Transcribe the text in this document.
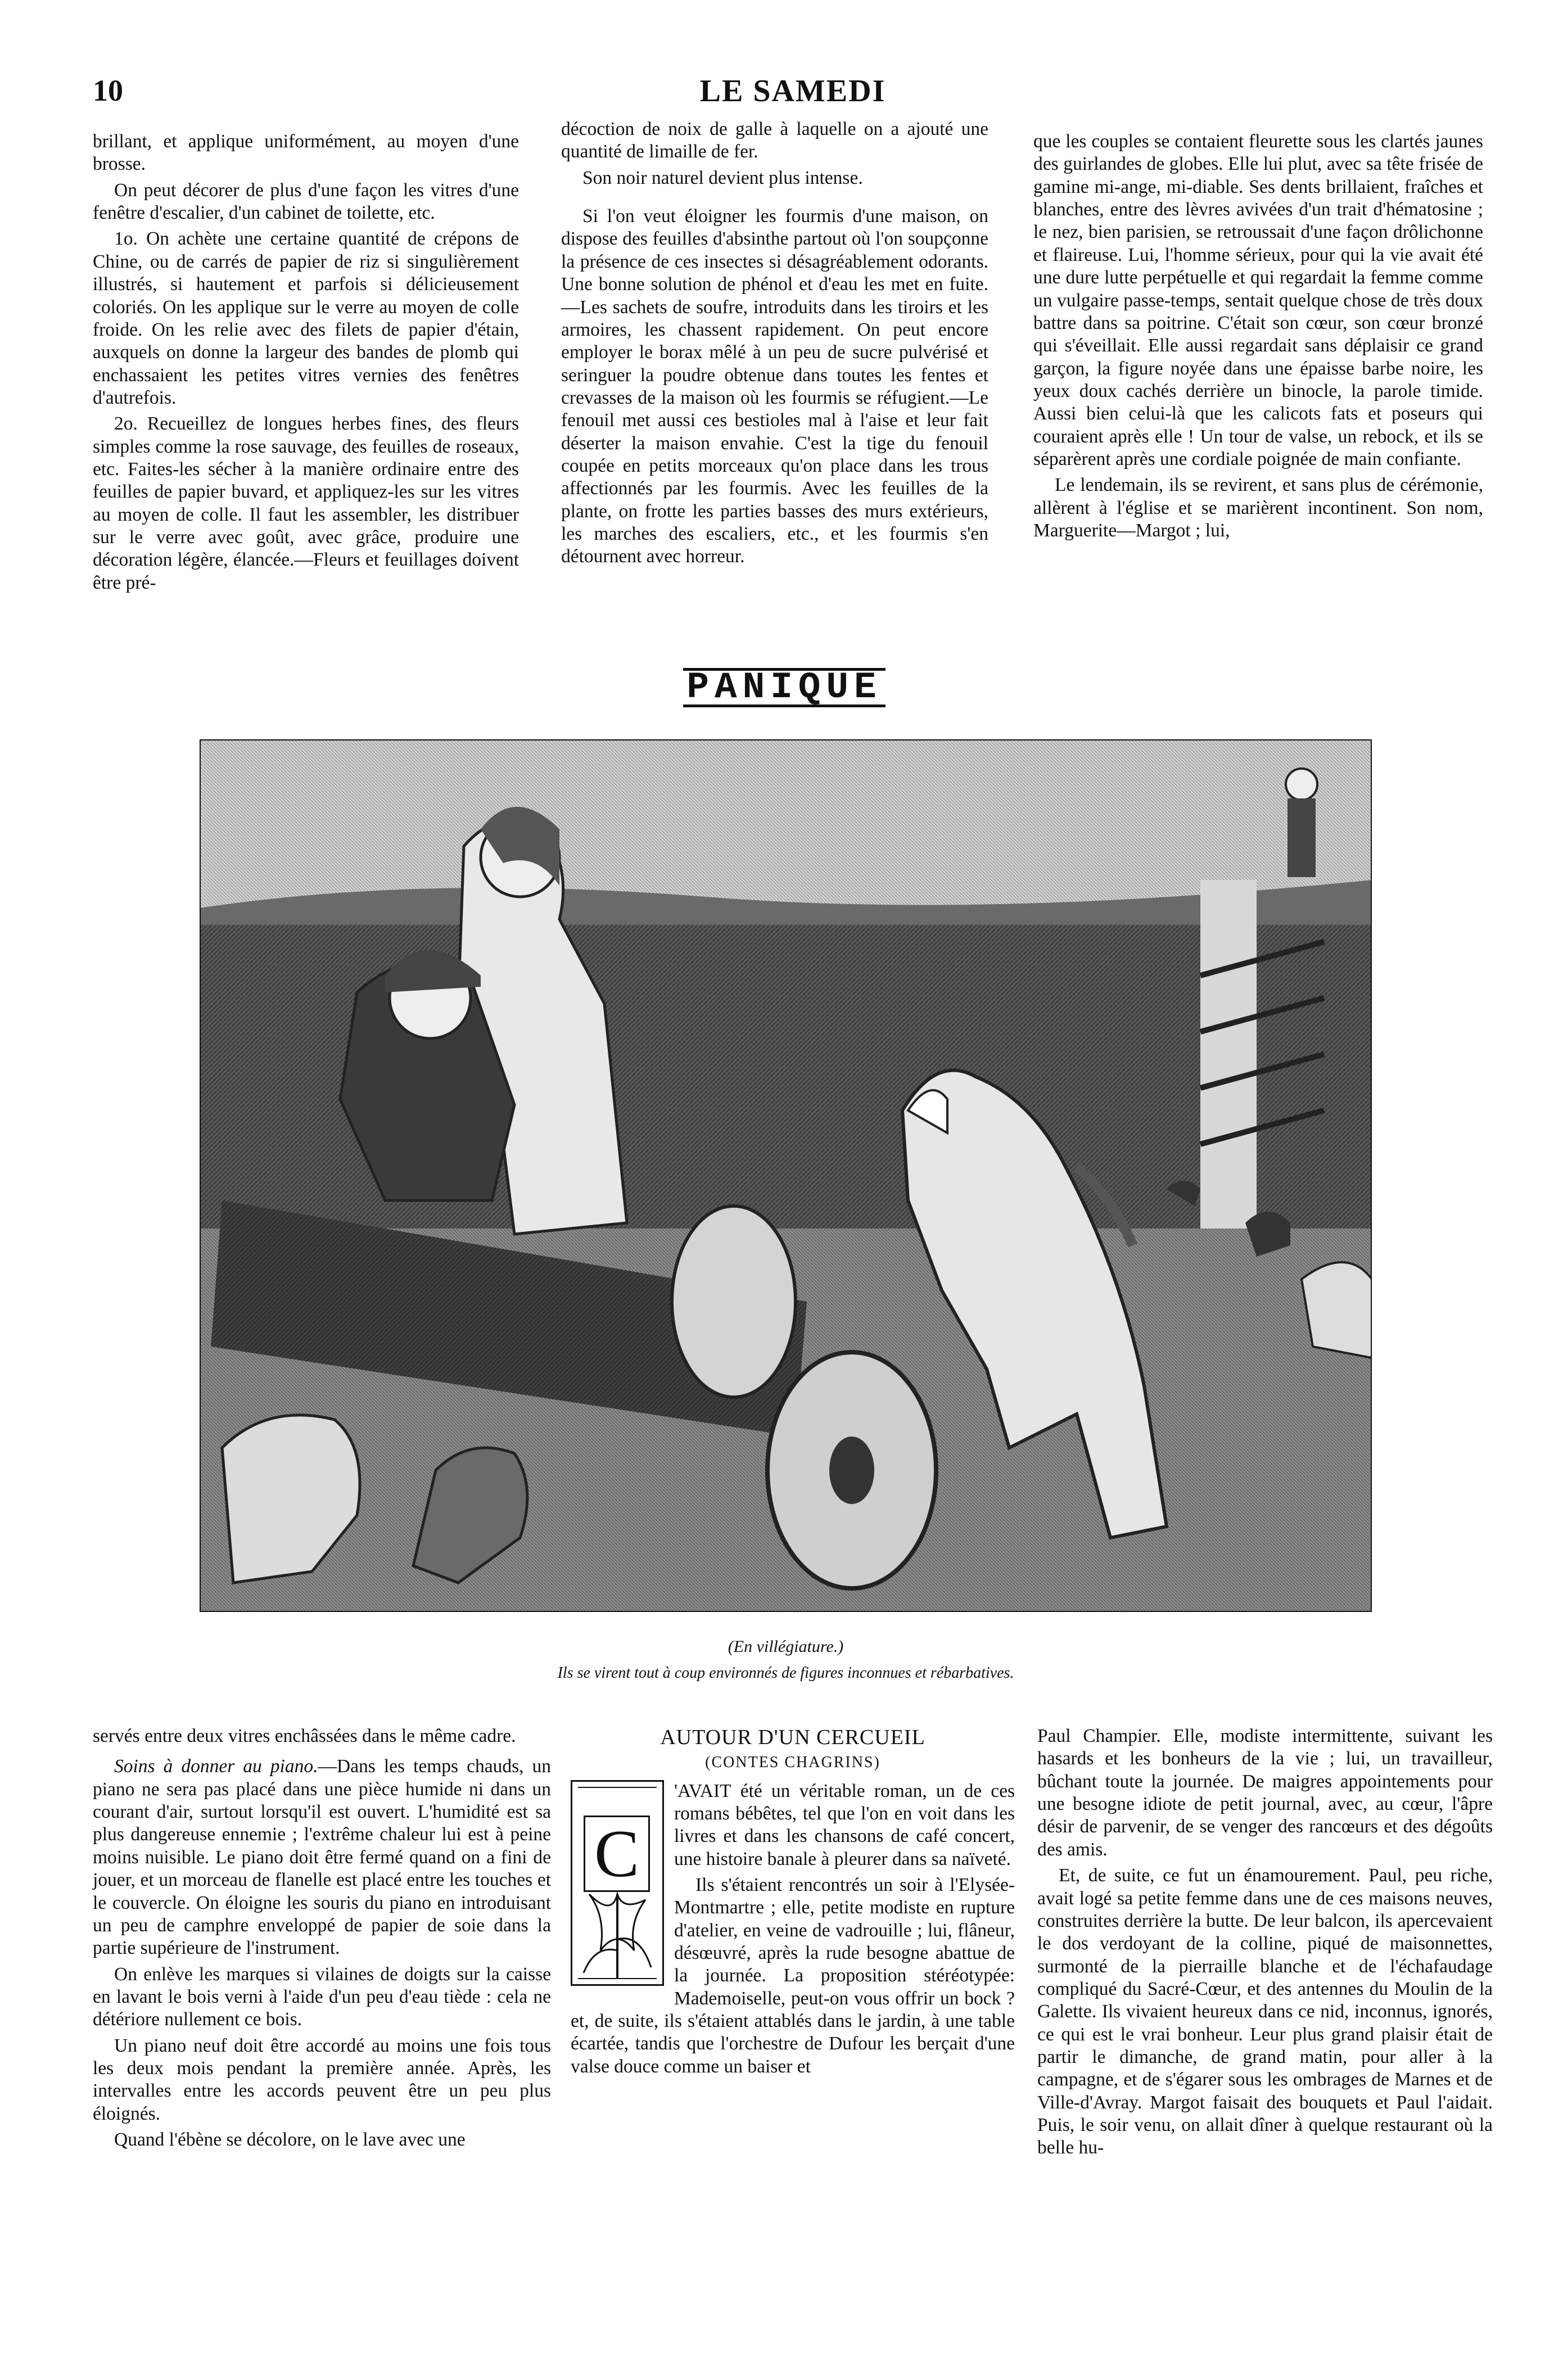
10	LE SAMEDI

brillant, et applique uniformément, au moyen d'une brosse.

On peut décorer de plus d'une façon les vitres d'une fenêtre d'escalier, d'un cabinet de toilette, etc.

1o. On achète une certaine quantité de crépons de Chine, ou de carrés de papier de riz si singulièrement illustrés, si hautement et parfois si délicieusement coloriés. On les applique sur le verre au moyen de colle froide. On les relie avec des filets de papier d'étain, auxquels on donne la largeur des bandes de plomb qui enchassaient les petites vitres vernies des fenêtres d'autrefois.

2o. Recueillez de longues herbes fines, des fleurs simples comme la rose sauvage, des feuilles de roseaux, etc. Faites-les sécher à la manière ordinaire entre des feuilles de papier buvard, et appliquez-les sur les vitres au moyen de colle. Il faut les assembler, les distribuer sur le verre avec goût, avec grâce, produire une décoration légère, élancée.—Fleurs et feuillages doivent être pré-

décoction de noix de galle à laquelle on a ajouté une quantité de limaille de fer.

Son noir naturel devient plus intense.

Si l'on veut éloigner les fourmis d'une maison, on dispose des feuilles d'absinthe partout où l'on soupçonne la présence de ces insectes si désagréablement odorants. Une bonne solution de phénol et d'eau les met en fuite.—Les sachets de soufre, introduits dans les tiroirs et les armoires, les chassent rapidement. On peut encore employer le borax mêlé à un peu de sucre pulvérisé et seringuer la poudre obtenue dans toutes les fentes et crevasses de la maison où les fourmis se réfugient.—Le fenouil met aussi ces bestioles mal à l'aise et leur fait déserter la maison envahie. C'est la tige du fenouil coupée en petits morceaux qu'on place dans les trous affectionnés par les fourmis. Avec les feuilles de la plante, on frotte les parties basses des murs extérieurs, les marches des escaliers, etc., et les fourmis s'en détournent avec horreur.

que les couples se contaient fleurette sous les clartés jaunes des guirlandes de globes. Elle lui plut, avec sa tête frisée de gamine mi-ange, mi-diable. Ses dents brillaient, fraîches et blanches, entre des lèvres avivées d'un trait d'hématosine ; le nez, bien parisien, se retroussait d'une façon drôlichonne et flaireuse. Lui, l'homme sérieux, pour qui la vie avait été une dure lutte perpétuelle et qui regardait la femme comme un vulgaire passe-temps, sentait quelque chose de très doux battre dans sa poitrine. C'était son cœur, son cœur bronzé qui s'éveillait. Elle aussi regardait sans déplaisir ce grand garçon, la figure noyée dans une épaisse barbe noire, les yeux doux cachés derrière un binocle, la parole timide. Aussi bien celui-là que les calicots fats et poseurs qui couraient après elle ! Un tour de valse, un rebock, et ils se séparèrent après une cordiale poignée de main confiante.

Le lendemain, ils se revirent, et sans plus de cérémonie, allèrent à l'église et se marièrent incontinent. Son nom, Marguerite—Margot ; lui,

PANIQUE
(En villégiature.)
Ils se virent tout à coup environnés de figures inconnues et rébarbatives.

servés entre deux vitres enchâssées dans le même cadre.

Soins à donner au piano.—Dans les temps chauds, un piano ne sera pas placé dans une pièce humide ni dans un courant d'air, surtout lorsqu'il est ouvert. L'humidité est sa plus dangereuse ennemie ; l'extrême chaleur lui est à peine moins nuisible. Le piano doit être fermé quand on a fini de jouer, et un morceau de flanelle est placé entre les touches et le couvercle. On éloigne les souris du piano en introduisant un peu de camphre enveloppé de papier de soie dans la partie supérieure de l'instrument.

On enlève les marques si vilaines de doigts sur la caisse en lavant le bois verni à l'aide d'un peu d'eau tiède : cela ne détériore nullement ce bois.

Un piano neuf doit être accordé au moins une fois tous les deux mois pendant la première année. Après, les intervalles entre les accords peuvent être un peu plus éloignés.

Quand l'ébène se décolore, on le lave avec une

AUTOUR D'UN CERCUEIL
(CONTES CHAGRINS)
C

'AVAIT été un véritable roman, un de ces romans bébêtes, tel que l'on en voit dans les livres et dans les chansons de café concert, une histoire banale à pleurer dans sa naïveté.

Ils s'étaient rencontrés un soir à l'Elysée-Montmartre ; elle, petite modiste en rupture d'atelier, en veine de vadrouille ; lui, flâneur, désœuvré, après la rude besogne abattue de la journée. La proposition stéréotypée: Mademoiselle, peut-on vous offrir un bock ? et, de suite, ils s'étaient attablés dans le jardin, à une table écartée, tandis que l'orchestre de Dufour les berçait d'une valse douce comme un baiser et

Paul Champier. Elle, modiste intermittente, suivant les hasards et les bonheurs de la vie ; lui, un travailleur, bûchant toute la journée. De maigres appointements pour une besogne idiote de petit journal, avec, au cœur, l'âpre désir de parvenir, de se venger des rancœurs et des dégoûts des amis.

Et, de suite, ce fut un énamourement. Paul, peu riche, avait logé sa petite femme dans une de ces maisons neuves, construites derrière la butte. De leur balcon, ils apercevaient le dos verdoyant de la colline, piqué de maisonnettes, surmonté de la pierraille blanche et de l'échafaudage compliqué du Sacré-Cœur, et des antennes du Moulin de la Galette. Ils vivaient heureux dans ce nid, inconnus, ignorés, ce qui est le vrai bonheur. Leur plus grand plaisir était de partir le dimanche, de grand matin, pour aller à la campagne, et de s'égarer sous les ombrages de Marnes et de Ville-d'Avray. Margot faisait des bouquets et Paul l'aidait. Puis, le soir venu, on allait dîner à quelque restaurant où la belle hu-
